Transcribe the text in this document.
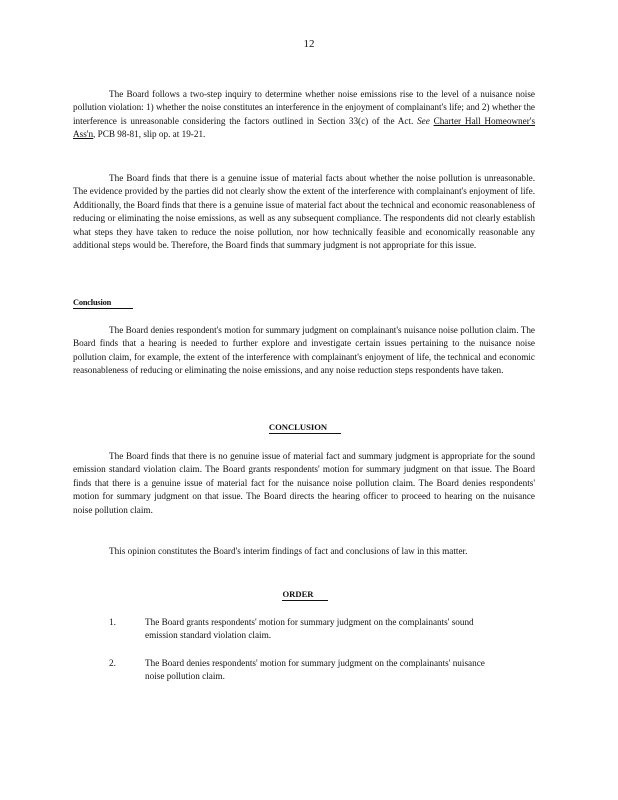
12

The Board follows a two-step inquiry to determine whether noise emissions rise to the level of a nuisance noise pollution violation: 1) whether the noise constitutes an interference in the enjoyment of complainant's life; and 2) whether the interference is unreasonable considering the factors outlined in Section 33(c) of the Act. See Charter Hall Homeowner's Ass'n, PCB 98-81, slip op. at 19-21.

The Board finds that there is a genuine issue of material facts about whether the noise pollution is unreasonable. The evidence provided by the parties did not clearly show the extent of the interference with complainant's enjoyment of life. Additionally, the Board finds that there is a genuine issue of material fact about the technical and economic reasonableness of reducing or eliminating the noise emissions, as well as any subsequent compliance. The respondents did not clearly establish what steps they have taken to reduce the noise pollution, nor how technically feasible and economically reasonable any additional steps would be. Therefore, the Board finds that summary judgment is not appropriate for this issue.

Conclusion

The Board denies respondent's motion for summary judgment on complainant's nuisance noise pollution claim. The Board finds that a hearing is needed to further explore and investigate certain issues pertaining to the nuisance noise pollution claim, for example, the extent of the interference with complainant's enjoyment of life, the technical and economic reasonableness of reducing or eliminating the noise emissions, and any noise reduction steps respondents have taken.

CONCLUSION

The Board finds that there is no genuine issue of material fact and summary judgment is appropriate for the sound emission standard violation claim. The Board grants respondents' motion for summary judgment on that issue. The Board finds that there is a genuine issue of material fact for the nuisance noise pollution claim. The Board denies respondents' motion for summary judgment on that issue. The Board directs the hearing officer to proceed to hearing on the nuisance noise pollution claim.

This opinion constitutes the Board's interim findings of fact and conclusions of law in this matter.

ORDER
1.	The Board grants respondents' motion for summary judgment on the complainants' sound emission standard violation claim.
2.	The Board denies respondents' motion for summary judgment on the complainants' nuisance noise pollution claim.
